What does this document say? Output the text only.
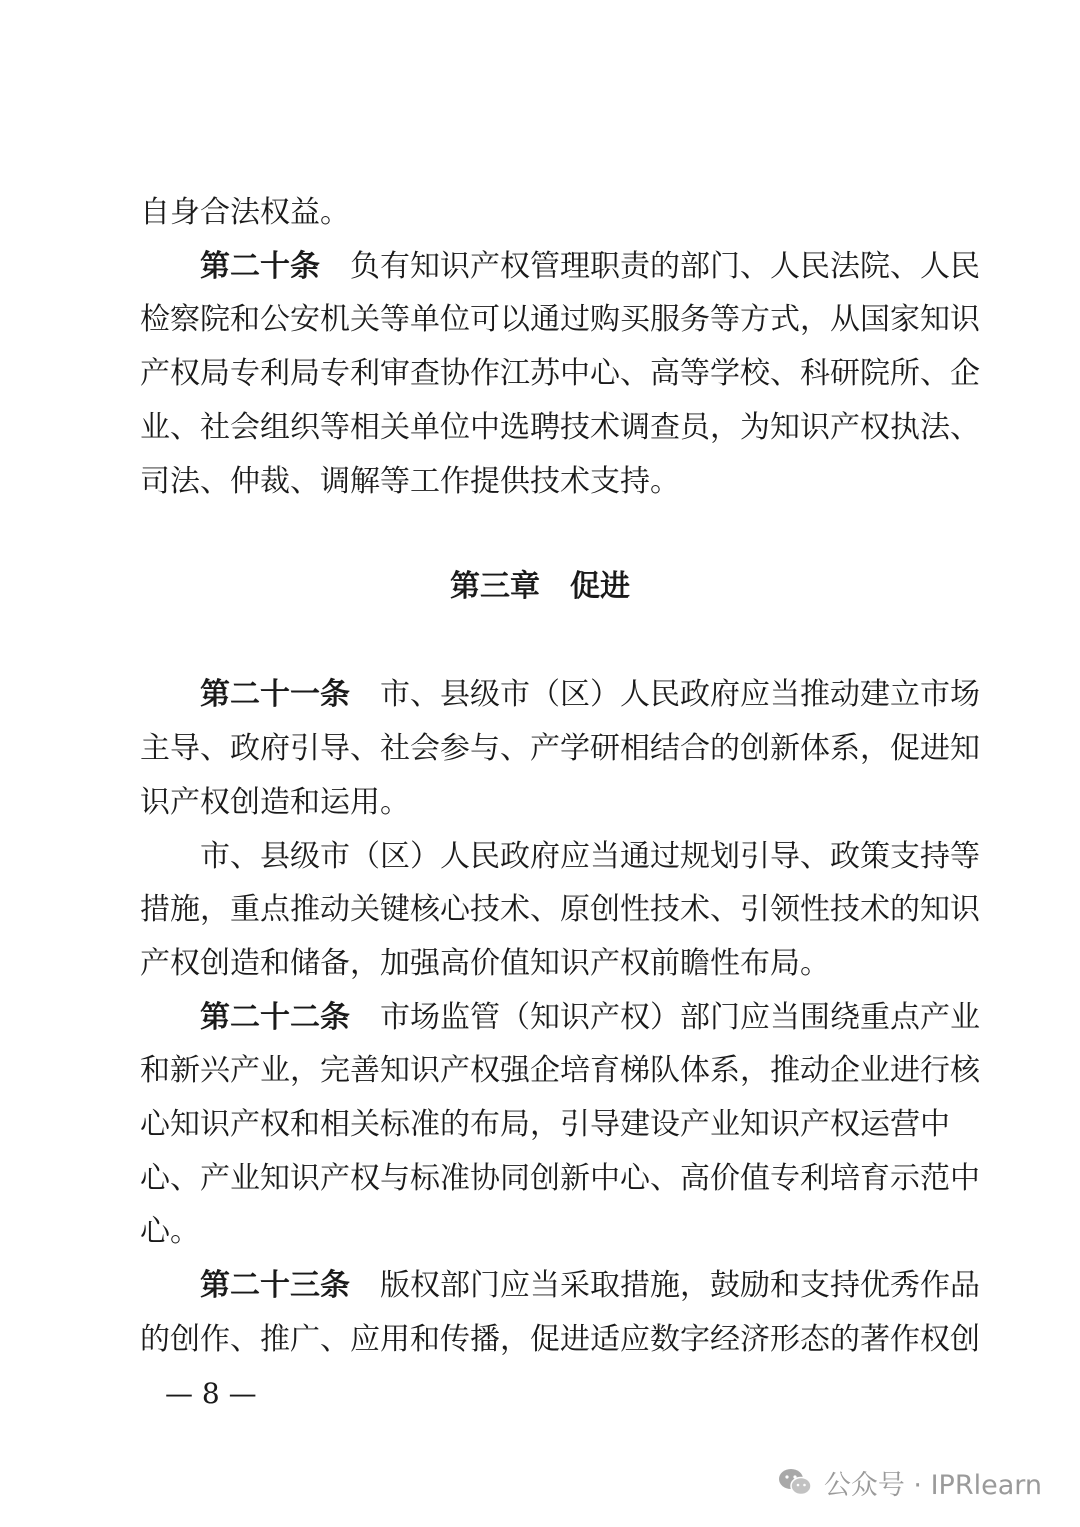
自身合法权益。
第二十条 负有知识产权管理职责的部门、人民法院、人民
检察院和公安机关等单位可以通过购买服务等方式，从国家知识
产权局专利局专利审查协作江苏中心、高等学校、科研院所、企
业、社会组织等相关单位中选聘技术调查员，为知识产权执法、
司法、仲裁、调解等工作提供技术支持。
第三章 促进
第二十一条 市、县级市（区）人民政府应当推动建立市场
主导、政府引导、社会参与、产学研相结合的创新体系，促进知
识产权创造和运用。
市、县级市（区）人民政府应当通过规划引导、政策支持等
措施，重点推动关键核心技术、原创性技术、引领性技术的知识
产权创造和储备，加强高价值知识产权前瞻性布局。
第二十二条 市场监管（知识产权）部门应当围绕重点产业
和新兴产业，完善知识产权强企培育梯队体系，推动企业进行核
心知识产权和相关标准的布局，引导建设产业知识产权运营中
心、产业知识产权与标准协同创新中心、高价值专利培育示范中
心。
第二十三条 版权部门应当采取措施，鼓励和支持优秀作品
的创作、推广、应用和传播，促进适应数字经济形态的著作权创
— 8 —
公众号 · IPRlearn
